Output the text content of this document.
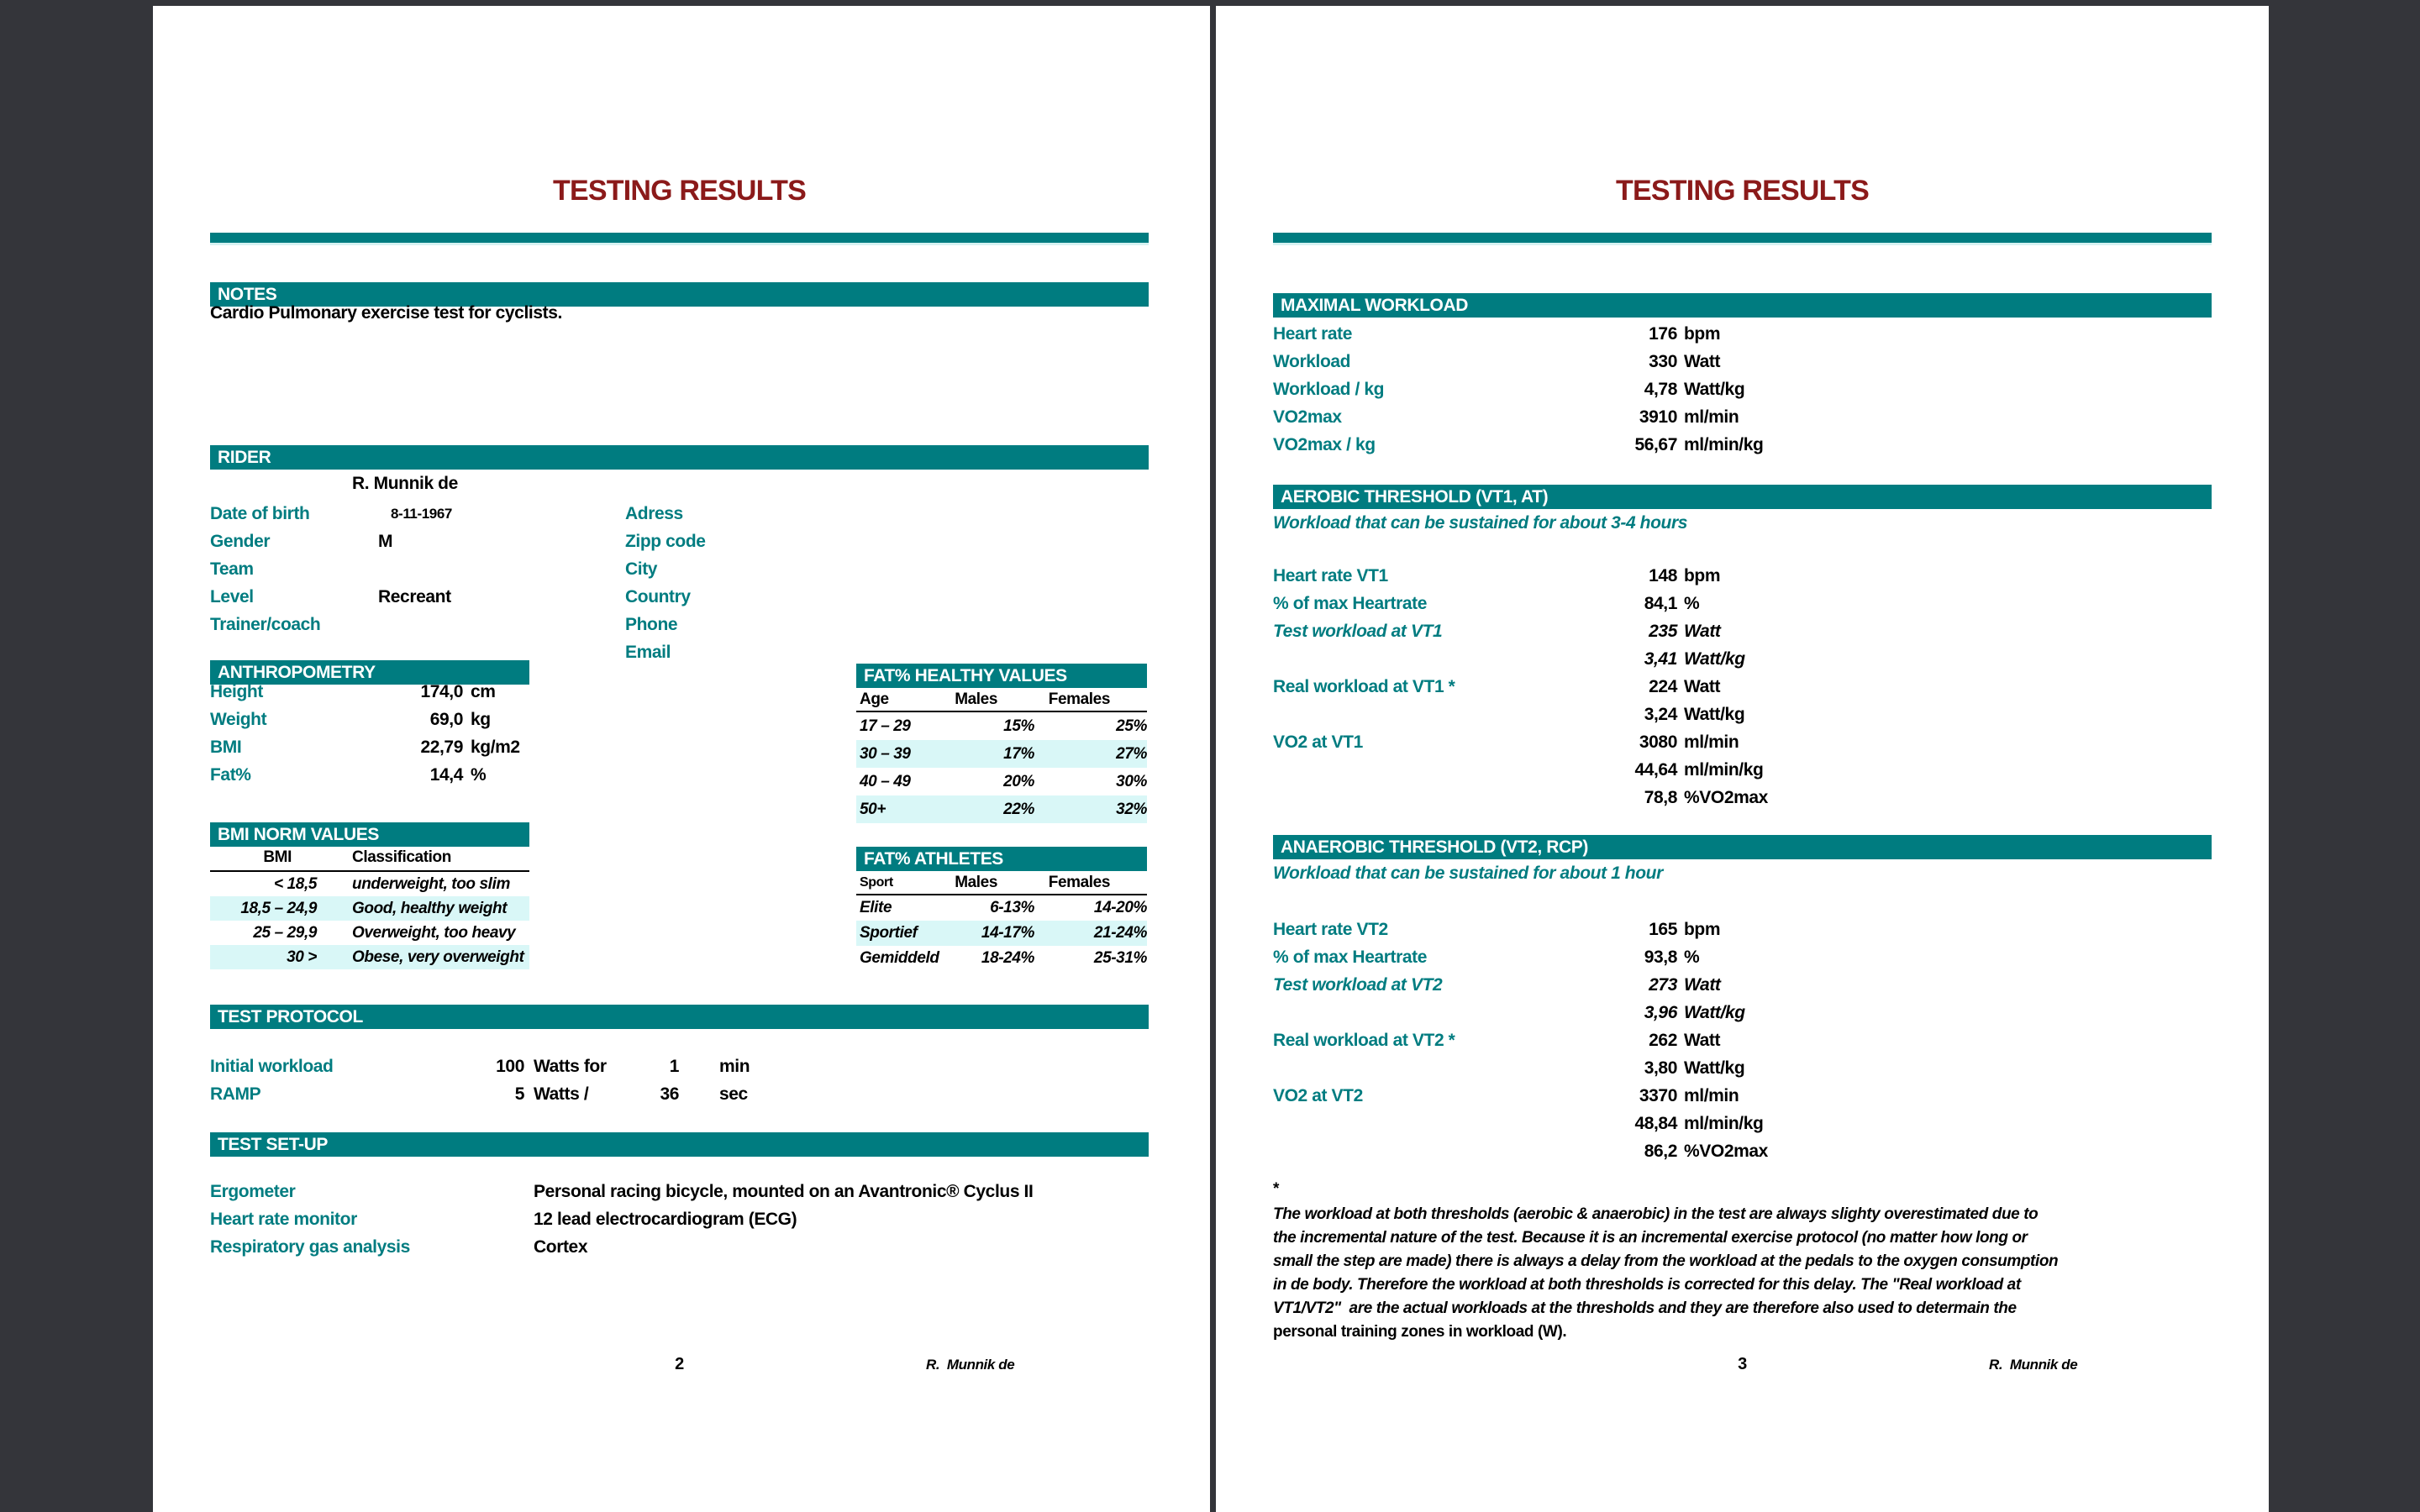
TESTING RESULTS
NOTES
Cardio Pulmonary exercise test for cyclists.
RIDER
R. Munnik de
Date of birth	8-11-1967
Gender	M
Team
Level	Recreant
Trainer/coach
Adress
Zipp code
City
Country
Phone
Email
ANTHROPOMETRY
Height	174,0 cm
Weight	69,0 kg
BMI	22,79 kg/m2
Fat%	14,4 %
BMI NORM VALUES
BMI	Classification
< 18,5 underweight, too slim
18,5 – 24,9 Good, healthy weight
25 – 29,9 Overweight, too heavy
30 > Obese, very overweight
FAT% HEALTHY VALUES
Age	Males	Females
17 – 29	15%	25%
30 – 39	17%	27%
40 – 49	20%	30%
50+	22%	32%
FAT% ATHLETES
Sport	Males	Females
Elite	6-13%	14-20%
Sportief	14-17%	21-24%
Gemiddeld	18-24%	25-31%
TEST PROTOCOL
Initial workload	100 Watts for	1	min
RAMP	5 Watts /	36	sec
TEST SET-UP
Ergometer	Personal racing bicycle, mounted on an Avantronic® Cyclus II
Heart rate monitor	12 lead electrocardiogram (ECG)
Respiratory gas analysis	Cortex
2	R.  Munnik de
TESTING RESULTS
MAXIMAL WORKLOAD
Heart rate	176 bpm
Workload	330 Watt
Workload / kg	4,78 Watt/kg
VO2max	3910 ml/min
VO2max / kg	56,67 ml/min/kg
AEROBIC THRESHOLD (VT1, AT)
Workload that can be sustained for about 3-4 hours
Heart rate VT1	148 bpm
% of max Heartrate	84,1 %
Test workload at VT1	235 Watt
3,41 Watt/kg
Real workload at VT1 *	224 Watt
3,24 Watt/kg
VO2 at VT1	3080 ml/min
44,64 ml/min/kg
78,8 %VO2max
ANAEROBIC THRESHOLD (VT2, RCP)
Workload that can be sustained for about 1 hour
Heart rate VT2	165 bpm
% of max Heartrate	93,8 %
Test workload at VT2	273 Watt
3,96 Watt/kg
Real workload at VT2 *	262 Watt
3,80 Watt/kg
VO2 at VT2	3370 ml/min
48,84 ml/min/kg
86,2 %VO2max
*
The workload at both thresholds (aerobic & anaerobic) in the test are always slighty overestimated due to
the incremental nature of the test. Because it is an incremental exercise protocol (no matter how long or
small the step are made) there is always a delay from the workload at the pedals to the oxygen consumption
in de body. Therefore the workload at both thresholds is corrected for this delay. The "Real workload at
VT1/VT2"  are the actual workloads at the thresholds and they are therefore also used to determain the
personal training zones in workload (W).
3	R.  Munnik de
